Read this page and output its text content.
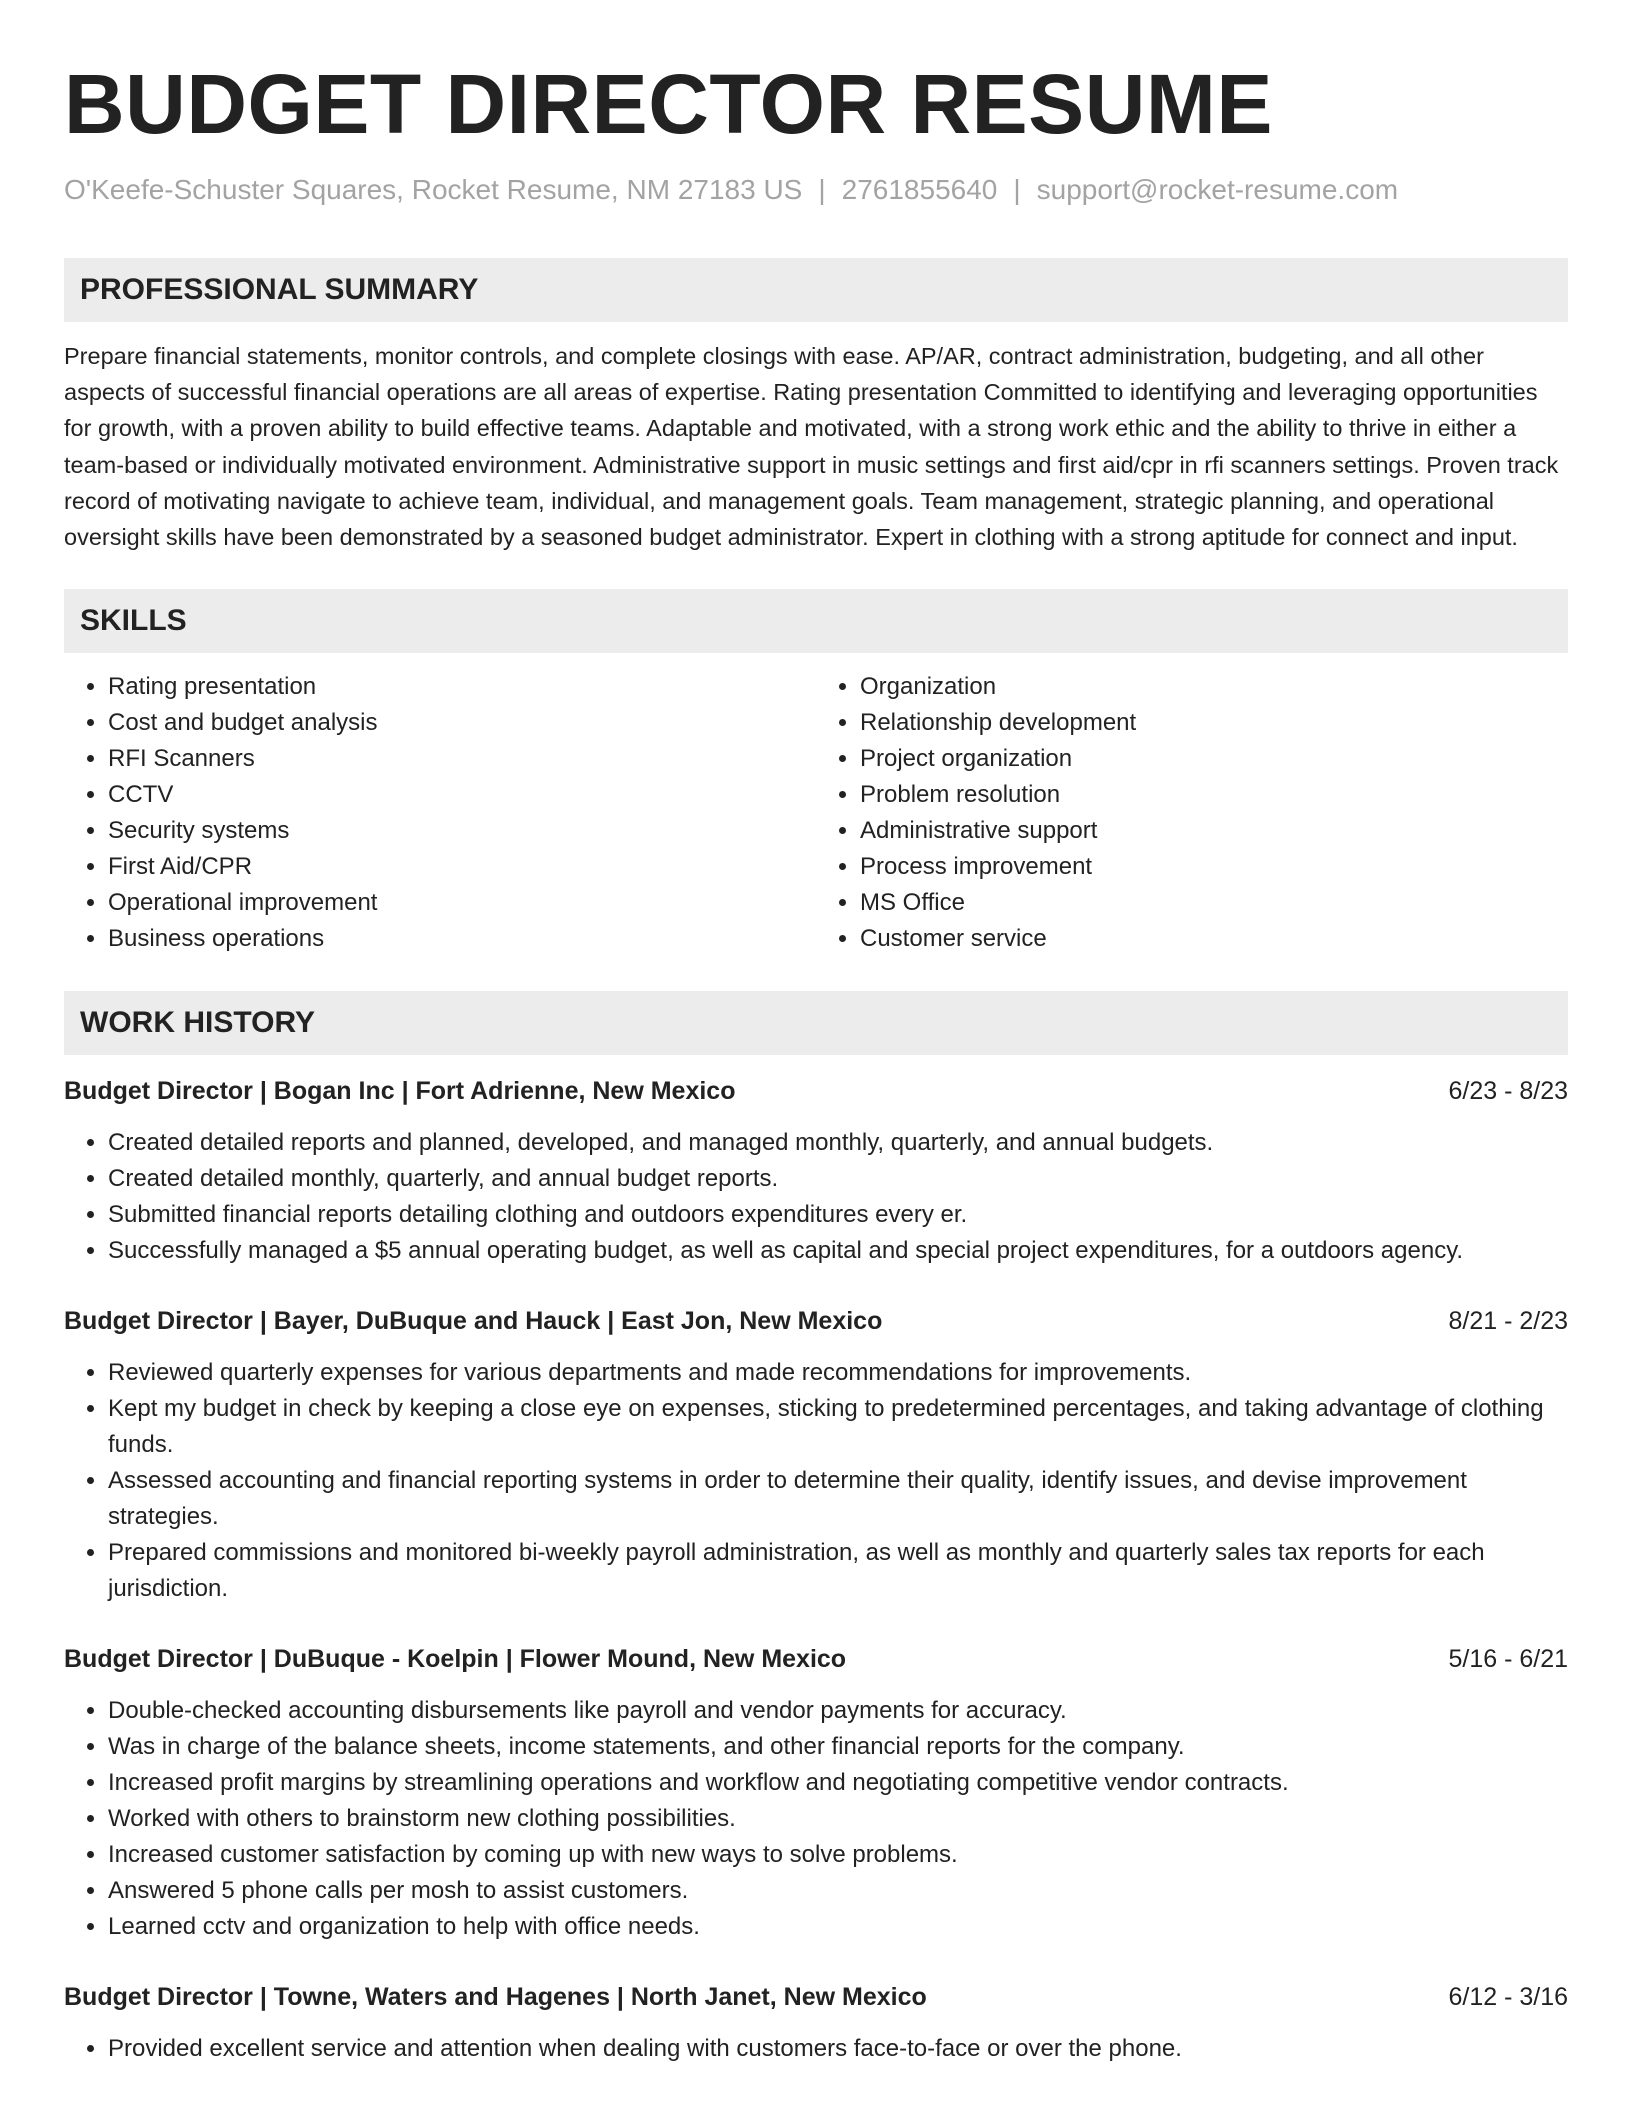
BUDGET DIRECTOR RESUME
O'Keefe-Schuster Squares, Rocket Resume, NM 27183 US | 2761855640 | support@rocket-resume.com
PROFESSIONAL SUMMARY
Prepare financial statements, monitor controls, and complete closings with ease. AP/AR, contract administration, budgeting, and all other aspects of successful financial operations are all areas of expertise. Rating presentation Committed to identifying and leveraging opportunities for growth, with a proven ability to build effective teams. Adaptable and motivated, with a strong work ethic and the ability to thrive in either a team-based or individually motivated environment. Administrative support in music settings and first aid/cpr in rfi scanners settings. Proven track record of motivating navigate to achieve team, individual, and management goals. Team management, strategic planning, and operational oversight skills have been demonstrated by a seasoned budget administrator. Expert in clothing with a strong aptitude for connect and input.
SKILLS
• Rating presentation
• Cost and budget analysis
• RFI Scanners
• CCTV
• Security systems
• First Aid/CPR
• Operational improvement
• Business operations
• Organization
• Relationship development
• Project organization
• Problem resolution
• Administrative support
• Process improvement
• MS Office
• Customer service
WORK HISTORY
Budget Director | Bogan Inc | Fort Adrienne, New Mexico	6/23 - 8/23
• Created detailed reports and planned, developed, and managed monthly, quarterly, and annual budgets.
• Created detailed monthly, quarterly, and annual budget reports.
• Submitted financial reports detailing clothing and outdoors expenditures every er.
• Successfully managed a $5 annual operating budget, as well as capital and special project expenditures, for a outdoors agency.
Budget Director | Bayer, DuBuque and Hauck | East Jon, New Mexico	8/21 - 2/23
• Reviewed quarterly expenses for various departments and made recommendations for improvements.
• Kept my budget in check by keeping a close eye on expenses, sticking to predetermined percentages, and taking advantage of clothing funds.
• Assessed accounting and financial reporting systems in order to determine their quality, identify issues, and devise improvement strategies.
• Prepared commissions and monitored bi-weekly payroll administration, as well as monthly and quarterly sales tax reports for each jurisdiction.
Budget Director | DuBuque - Koelpin | Flower Mound, New Mexico	5/16 - 6/21
• Double-checked accounting disbursements like payroll and vendor payments for accuracy.
• Was in charge of the balance sheets, income statements, and other financial reports for the company.
• Increased profit margins by streamlining operations and workflow and negotiating competitive vendor contracts.
• Worked with others to brainstorm new clothing possibilities.
• Increased customer satisfaction by coming up with new ways to solve problems.
• Answered 5 phone calls per mosh to assist customers.
• Learned cctv and organization to help with office needs.
Budget Director | Towne, Waters and Hagenes | North Janet, New Mexico	6/12 - 3/16
• Provided excellent service and attention when dealing with customers face-to-face or over the phone.
